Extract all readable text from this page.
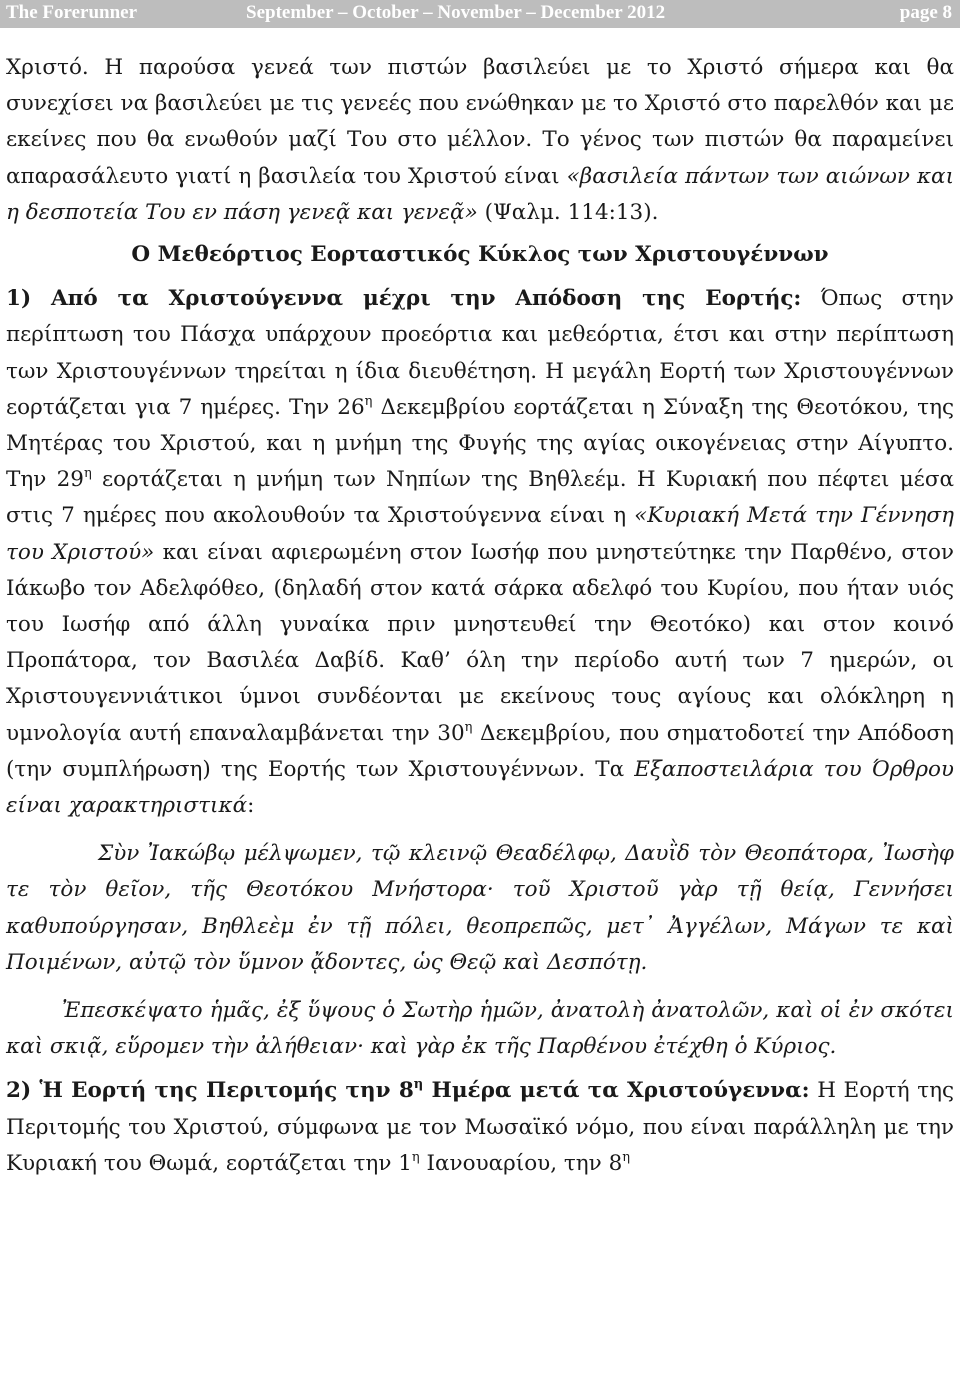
The Forerunner	September – October – November – December 2012	page 8

Χριστό. Η παρούσα γενεά των πιστών βασιλεύει με το Χριστό σήμερα και θα συνεχίσει να βασιλεύει με τις γενεές που ενώθηκαν με το Χριστό στο παρελθόν και με εκείνες που θα ενωθούν μαζί Του στο μέλλον. Το γένος των πιστών θα παραμείνει απαρασάλευτο γιατί η βασιλεία του Χριστού είναι «βασιλεία πάντων των αιώνων και η δεσποτεία Του εν πάση γενεᾷ και γενεᾷ» (Ψαλμ. 114:13).

Ο Μεθεόρτιος Εορταστικός Κύκλος των Χριστουγέννων

1) Από τα Χριστούγεννα μέχρι την Απόδοση της Εορτής: Όπως στην περίπτωση του Πάσχα υπάρχουν προεόρτια και μεθεόρτια, έτσι και στην περίπτωση των Χριστουγέννων τηρείται η ίδια διευθέτηση. Η μεγάλη Εορτή των Χριστουγέννων εορτάζεται για 7 ημέρες. Την $26^\eta$ Δεκεμβρίου εορτάζεται η Σύναξη της Θεοτόκου, της Μητέρας του Χριστού, και η μνήμη της Φυγής της αγίας οικογένειας στην Αίγυπτο. Την $29^\eta$ εορτάζεται η μνήμη των Νηπίων της Βηθλεέμ. Η Κυριακή που πέφτει μέσα στις 7 ημέρες που ακολουθούν τα Χριστούγεννα είναι η «Κυριακή Μετά την Γέννηση του Χριστού» και είναι αφιερωμένη στον Ιωσήφ που μνηστεύτηκε την Παρθένο, στον Ιάκωβο τον Αδελφόθεο, (δηλαδή στον κατά σάρκα αδελφό του Κυρίου, που ήταν υιός του Ιωσήφ από άλλη γυναίκα πριν μνηστευθεί την Θεοτόκο) και στον κοινό Προπάτορα, τον Βασιλέα Δαβίδ. Καθ’ όλη την περίοδο αυτή των 7 ημερών, οι Χριστουγεννιάτικοι ύμνοι συνδέονται με εκείνους τους αγίους και ολόκληρη η υμνολογία αυτή επαναλαμβάνεται την $30^\eta$ Δεκεμβρίου, που σηματοδοτεί την Απόδοση (την συμπλήρωση) της Εορτής των Χριστουγέννων. Τα Εξαποστειλάρια του Όρθρου είναι χαρακτηριστικά:

Σὺν Ἰακώβῳ μέλψωμεν, τῷ κλεινῷ Θεαδέλφῳ, Δαυῒδ τὸν Θεοπάτορα, Ἰωσὴφ τε τὸν θεῖον, τῆς Θεοτόκου Μνήστορα· τοῦ Χριστοῦ γὰρ τῇ θείᾳ, Γεννήσει καθυπούργησαν, Βηθλεὲμ ἐν τῇ πόλει, θεοπρεπῶς, μετ᾽ Ἀγγέλων, Μάγων τε καὶ Ποιμένων, αὐτῷ τὸν ὕμνον ᾄδοντες, ὡς Θεῷ καὶ Δεσπότῃ.

Ἐπεσκέψατο ἡμᾶς, ἐξ ὕψους ὁ Σωτὴρ ἡμῶν, ἀνατολὴ ἀνατολῶν, καὶ οἱ ἐν σκότει καὶ σκιᾷ, εὕρομεν τὴν ἀλήθειαν· καὶ γὰρ ἐκ τῆς Παρθένου ἐτέχθη ὁ Κύριος.

2) Ἡ Εορτή της Περιτομής την $8^\eta$ Ημέρα μετά τα Χριστούγεννα: Η Εορτή της Περιτομής του Χριστού, σύμφωνα με τον Μωσαϊκό νόμο, που είναι παράλληλη με την Κυριακή του Θωμά, εορτάζεται την $1^\eta$ Ιανουαρίου, την $8^\eta$
